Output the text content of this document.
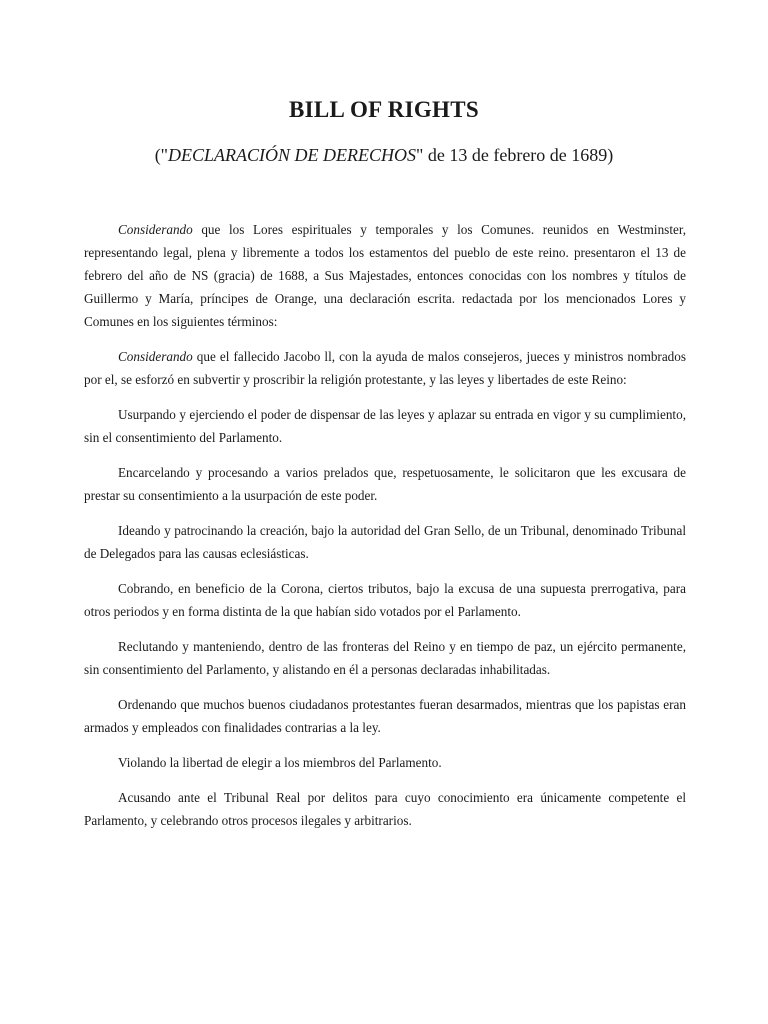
BILL OF RIGHTS
("DECLARACIÓN DE DERECHOS" de 13 de febrero de 1689)

Considerando que los Lores espirituales y temporales y los Comunes. reunidos en Westminster, representando legal, plena y libremente a todos los estamentos del pueblo de este reino. presentaron el 13 de febrero del año de NS (gracia) de 1688, a Sus Majestades, entonces conocidas con los nombres y títulos de Guillermo y María, príncipes de Orange, una declaración escrita. redactada por los mencionados Lores y Comunes en los siguientes términos:

Considerando que el fallecido Jacobo ll, con la ayuda de malos consejeros, jueces y ministros nombrados por el, se esforzó en subvertir y proscribir la religión protestante, y las leyes y libertades de este Reino:

Usurpando y ejerciendo el poder de dispensar de las leyes y aplazar su entrada en vigor y su cumplimiento, sin el consentimiento del Parlamento.

Encarcelando y procesando a varios prelados que, respetuosamente, le solicitaron que les excusara de prestar su consentimiento a la usurpación de este poder.

Ideando y patrocinando la creación, bajo la autoridad del Gran Sello, de un Tribunal, denominado Tribunal de Delegados para las causas eclesiásticas.

Cobrando, en beneficio de la Corona, ciertos tributos, bajo la excusa de una supuesta prerrogativa, para otros periodos y en forma distinta de la que habían sido votados por el Parlamento.

Reclutando y manteniendo, dentro de las fronteras del Reino y en tiempo de paz, un ejército permanente, sin consentimiento del Parlamento, y alistando en él a personas declaradas inhabilitadas.

Ordenando que muchos buenos ciudadanos protestantes fueran desarmados, mientras que los papistas eran armados y empleados con finalidades contrarias a la ley.

Violando la libertad de elegir a los miembros del Parlamento.

Acusando ante el Tribunal Real por delitos para cuyo conocimiento era únicamente competente el Parlamento, y celebrando otros procesos ilegales y arbitrarios.
